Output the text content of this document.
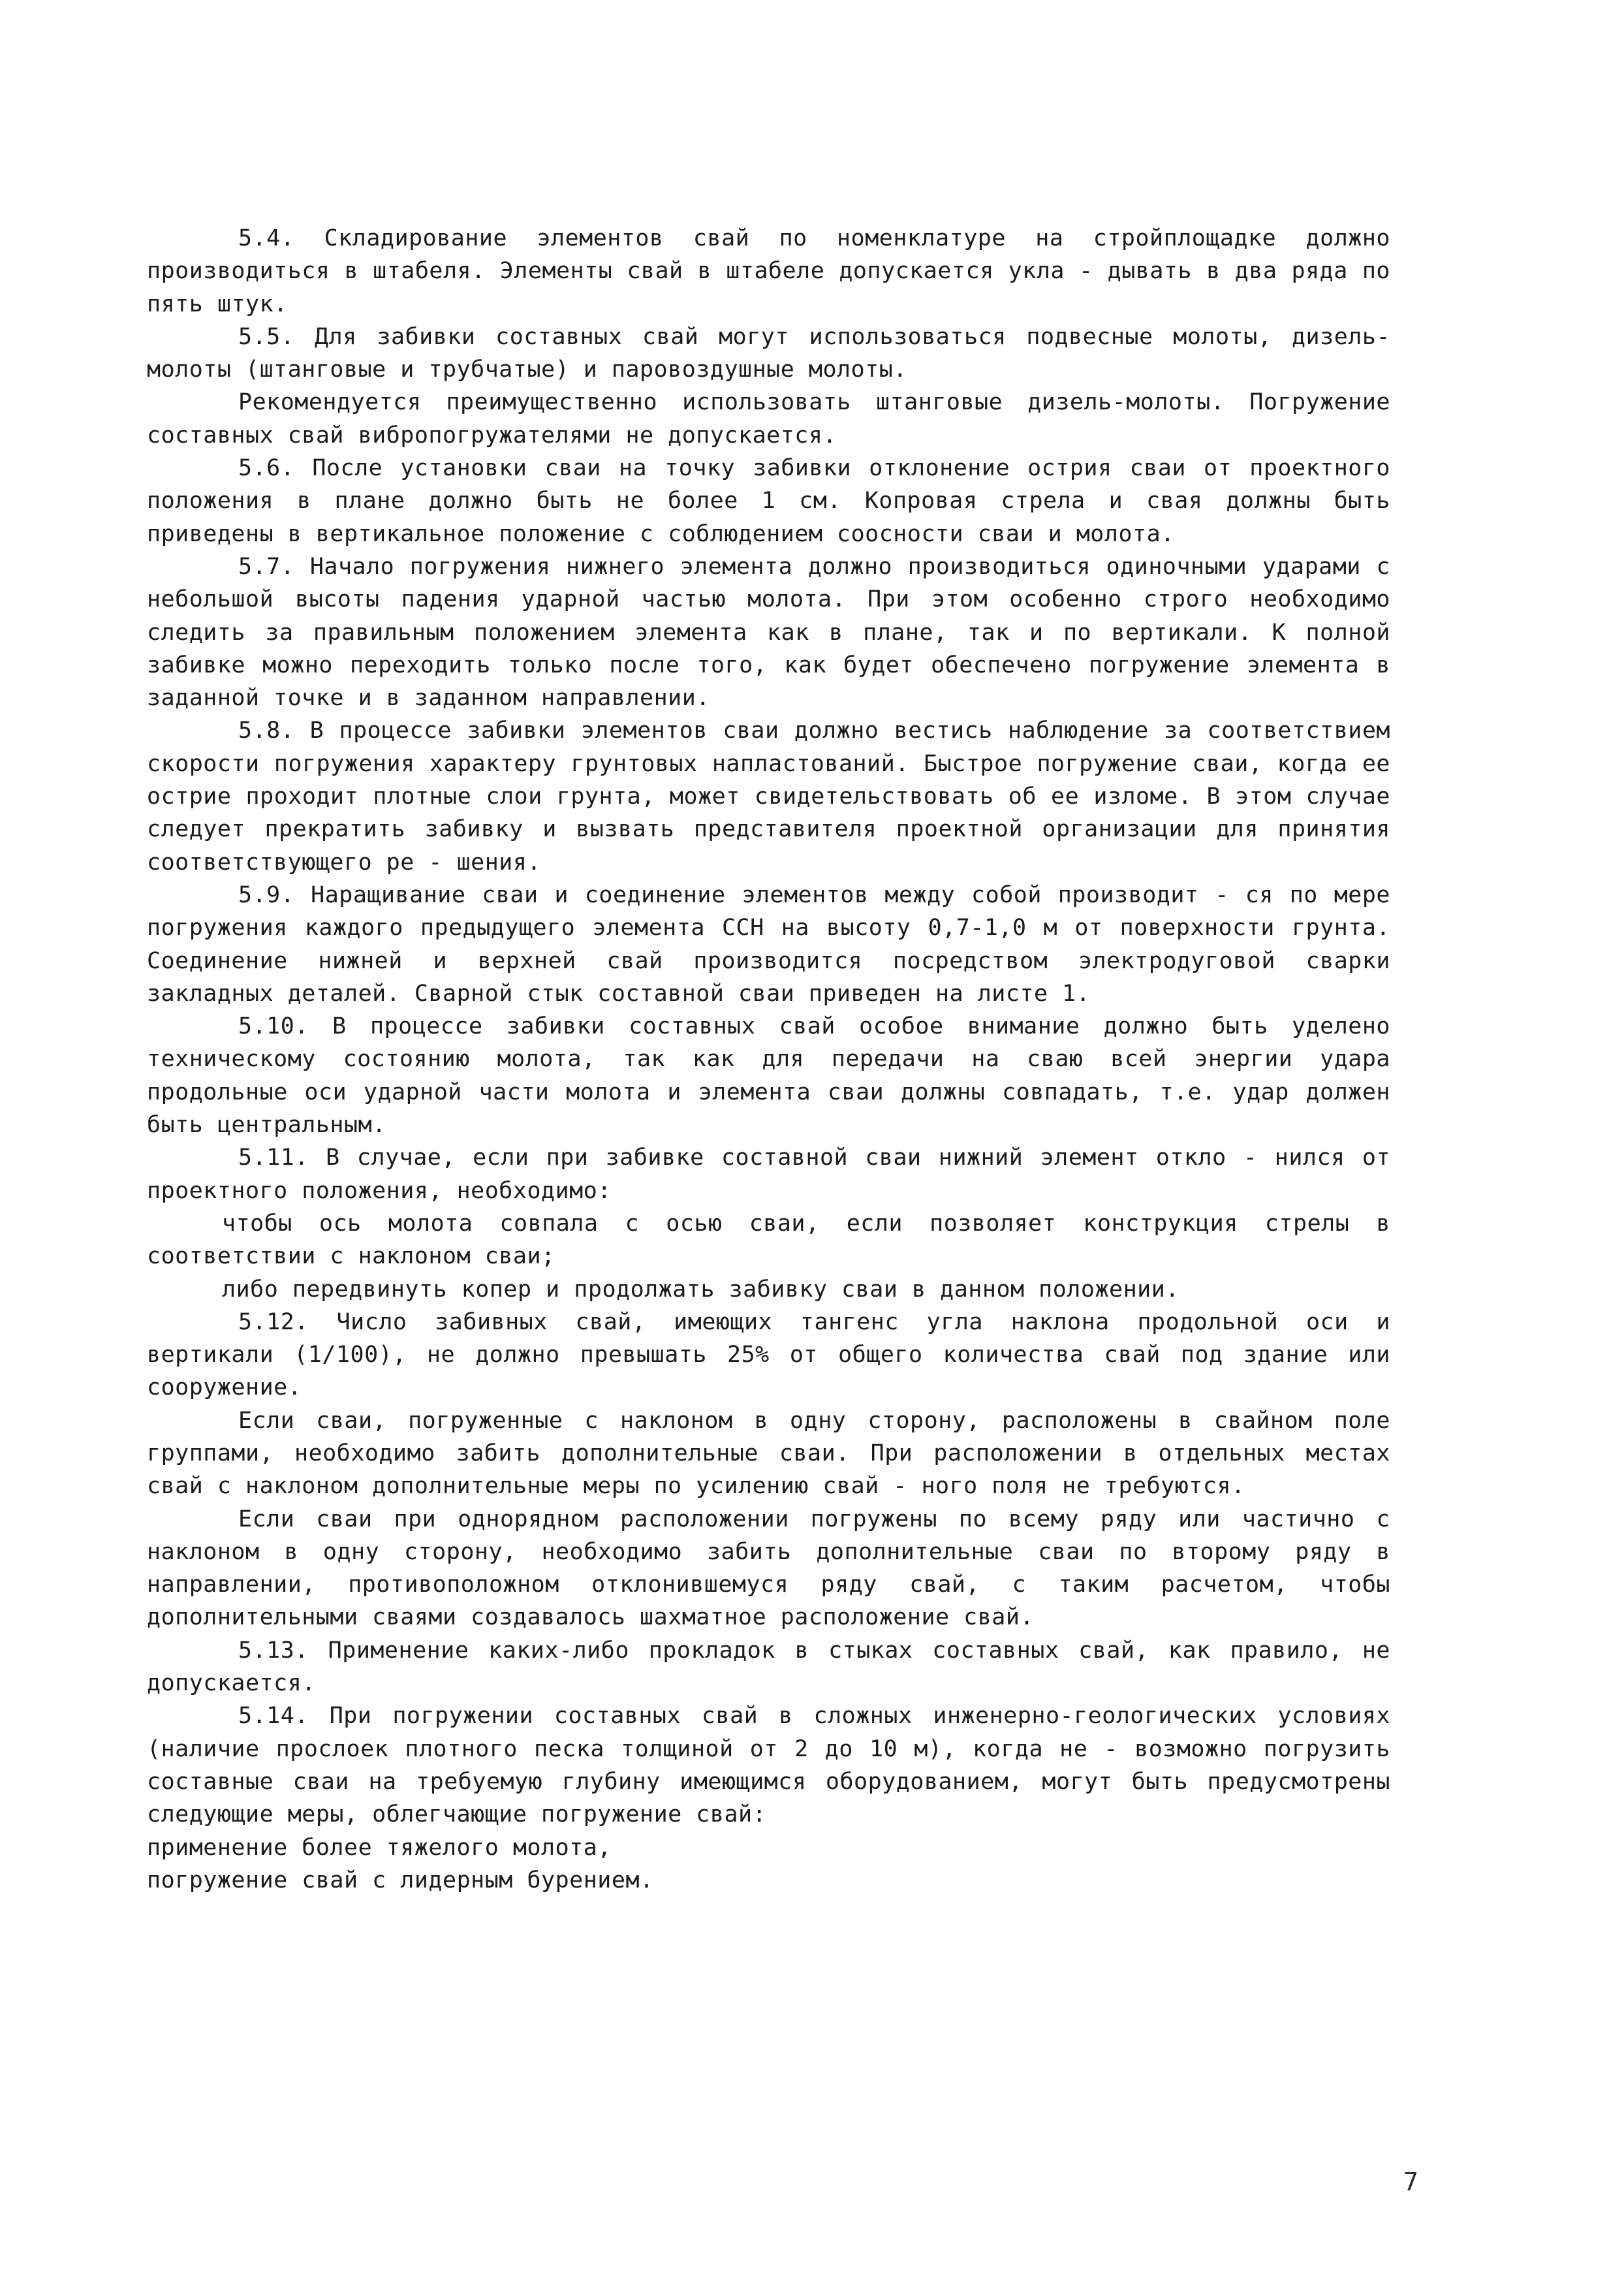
5.4. Складирование элементов свай по номенклатуре на стройплощадке должно производиться в штабеля. Элементы свай в штабеле допускается укла - дывать в два ряда по пять штук.

5.5. Для забивки составных свай могут использоваться подвесные молоты, дизель-молоты (штанговые и трубчатые) и паровоздушные молоты.

Рекомендуется преимущественно использовать штанговые дизель-молоты. Погружение составных свай вибропогружателями не допускается.

5.6. После установки сваи на точку забивки отклонение острия сваи от проектного положения в плане должно быть не более 1 см. Копровая стрела и свая должны быть приведены в вертикальное положение с соблюдением соосности сваи и молота.

5.7. Начало погружения нижнего элемента должно производиться одиночными ударами с небольшой высоты падения ударной частью молота. При этом особенно строго необходимо следить за правильным положением элемента как в плане, так и по вертикали. К полной забивке можно переходить только после того, как будет обеспечено погружение элемента в заданной точке и в заданном направлении.

5.8. В процессе забивки элементов сваи должно вестись наблюдение за соответствием скорости погружения характеру грунтовых напластований. Быстрое погружение сваи, когда ее острие проходит плотные слои грунта, может свидетельствовать об ее изломе. В этом случае следует прекратить забивку и вызвать представителя проектной организации для принятия соответствующего ре - шения.

5.9. Наращивание сваи и соединение элементов между собой производит - ся по мере погружения каждого предыдущего элемента ССН на высоту 0,7-1,0 м от поверхности грунта. Соединение нижней и верхней свай производится посредством электродуговой сварки закладных деталей. Сварной стык составной сваи приведен на листе 1.

5.10. В процессе забивки составных свай особое внимание должно быть уделено техническому состоянию молота, так как для передачи на сваю всей энергии удара продольные оси ударной части молота и элемента сваи должны совпадать, т.е. удар должен быть центральным.

5.11. В случае, если при забивке составной сваи нижний элемент откло - нился от проектного положения, необходимо:

чтобы ось молота совпала с осью сваи, если позволяет конструкция стрелы в соответствии с наклоном сваи;

либо передвинуть копер и продолжать забивку сваи в данном положении.

5.12. Число забивных свай, имеющих тангенс угла наклона продольной оси и вертикали (1/100), не должно превышать 25% от общего количества свай под здание или сооружение.

Если сваи, погруженные с наклоном в одну сторону, расположены в свайном поле группами, необходимо забить дополнительные сваи. При расположении в отдельных местах свай с наклоном дополнительные меры по усилению свай - ного поля не требуются.

Если сваи при однорядном расположении погружены по всему ряду или частично с наклоном в одну сторону, необходимо забить дополнительные сваи по второму ряду в направлении, противоположном отклонившемуся ряду свай, с таким расчетом, чтобы дополнительными сваями создавалось шахматное расположение свай.

5.13. Применение каких-либо прокладок в стыках составных свай, как правило, не допускается.

5.14. При погружении составных свай в сложных инженерно-геологических условиях (наличие прослоек плотного песка толщиной от 2 до 10 м), когда не - возможно погрузить составные сваи на требуемую глубину имеющимся оборудованием, могут быть предусмотрены следующие меры, облегчающие погружение свай:

применение более тяжелого молота,

погружение свай с лидерным бурением.

7
